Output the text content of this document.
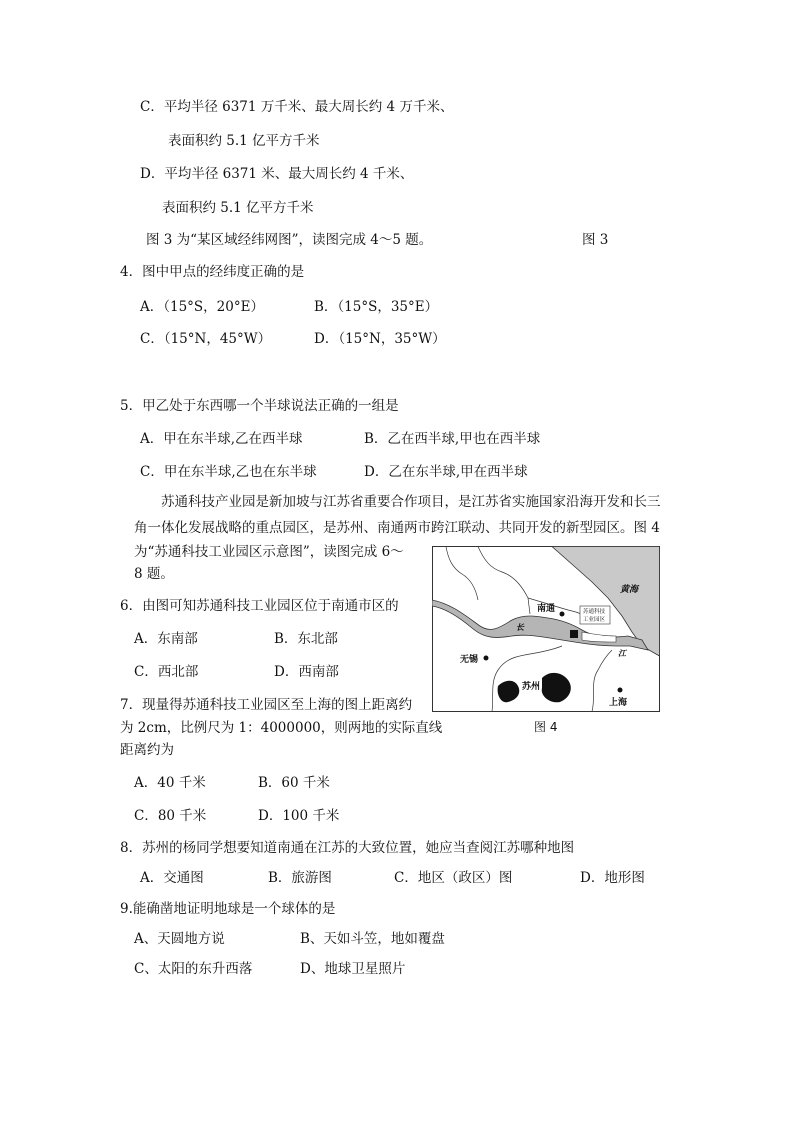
C．平均半径 6371 万千米、最大周长约 4 万千米、
表面积约 5.1 亿平方千米
D．平均半径 6371 米、最大周长约 4 千米、
表面积约 5.1 亿平方千米
图 3 为“某区域经纬网图”，读图完成 4～5 题。	图 3
4．图中甲点的经纬度正确的是
A．（15°S，20°E）	B．（15°S，35°E）
C．（15°N，45°W）	D．（15°N，35°W）
5．甲乙处于东西哪一个半球说法正确的一组是
A．甲在东半球,乙在西半球	B．乙在西半球,甲也在西半球
C．甲在东半球,乙也在东半球	D．乙在东半球,甲在西半球
苏通科技产业园是新加坡与江苏省重要合作项目，是江苏省实施国家沿海开发和长三角一体化发展战略的重点园区，是苏州、南通两市跨江联动、共同开发的新型园区。图 4
为“苏通科技工业园区示意图”，读图完成 6～
8 题。
苏通科技
工业园区
南通
无锡
苏州
上海
黄海
长
江
图 4
6．由图可知苏通科技工业园区位于南通市区的
A．东南部	B．东北部
C．西北部	D．西南部
7．现量得苏通科技工业园区至上海的图上距离约
为 2cm，比例尺为 1：4000000，则两地的实际直线
距离约为
A．40 千米	B．60 千米
C．80 千米	D．100 千米
8．苏州的杨同学想要知道南通在江苏的大致位置，她应当查阅江苏哪种地图
A．交通图	B．旅游图	C．地区（政区）图	D．地形图
9.能确凿地证明地球是一个球体的是
A、天圆地方说	B、天如斗笠，地如覆盘
C、太阳的东升西落	D、地球卫星照片
